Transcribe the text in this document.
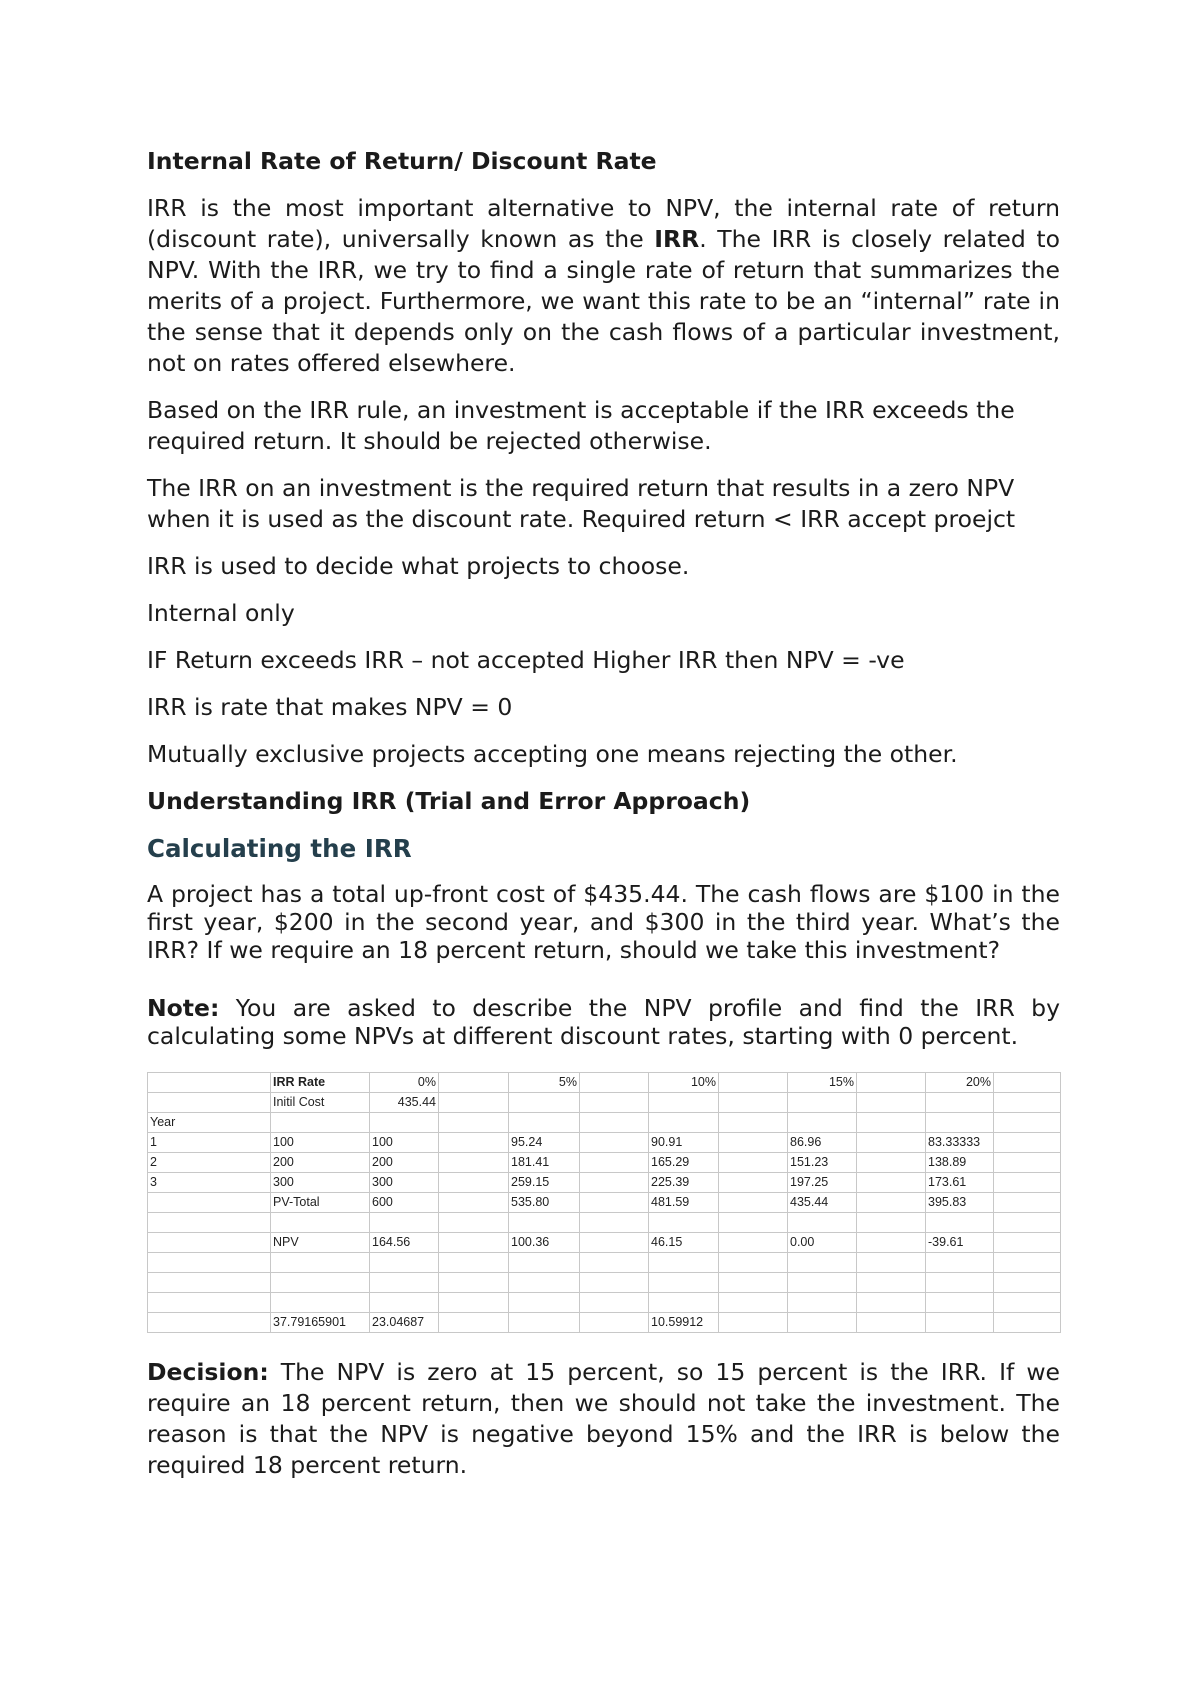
Internal Rate of Return/ Discount Rate

IRR is the most important alternative to NPV, the internal rate of return (discount rate), universally known as the IRR. The IRR is closely related to NPV. With the IRR, we try to find a single rate of return that summarizes the merits of a project. Furthermore, we want this rate to be an “internal” rate in the sense that it depends only on the cash flows of a particular investment, not on rates offered elsewhere.

Based on the IRR rule, an investment is acceptable if the IRR exceeds the required return. It should be rejected otherwise.

The IRR on an investment is the required return that results in a zero NPV when it is used as the discount rate. Required return < IRR accept proejct

IRR is used to decide what projects to choose.

Internal only

IF Return exceeds IRR – not accepted Higher IRR then NPV = -ve

IRR is rate that makes NPV = 0

Mutually exclusive projects accepting one means rejecting the other.

Understanding IRR (Trial and Error Approach)

Calculating the IRR

A project has a total up-front cost of $435.44. The cash flows are $100 in the first year, $200 in the second year, and $300 in the third year. What’s the IRR? If we require an 18 percent return, should we take this investment?

Note: You are asked to describe the NPV profile and find the IRR by calculating some NPVs at different discount rates, starting with 0 percent.

	IRR Rate	0%		5%		10%		15%		20%	
	Initil Cost	435.44									
Year											
1	100	100		95.24		90.91		86.96		83.33333	
2	200	200		181.41		165.29		151.23		138.89	
3	300	300		259.15		225.39		197.25		173.61	
	PV-Total	600		535.80		481.59		435.44		395.83	

	NPV	164.56		100.36		46.15		0.00		-39.61	

	37.79165901	23.04687				10.59912					

Decision: The NPV is zero at 15 percent, so 15 percent is the IRR. If we require an 18 percent return, then we should not take the investment. The reason is that the NPV is negative beyond 15% and the IRR is below the required 18 percent return.
